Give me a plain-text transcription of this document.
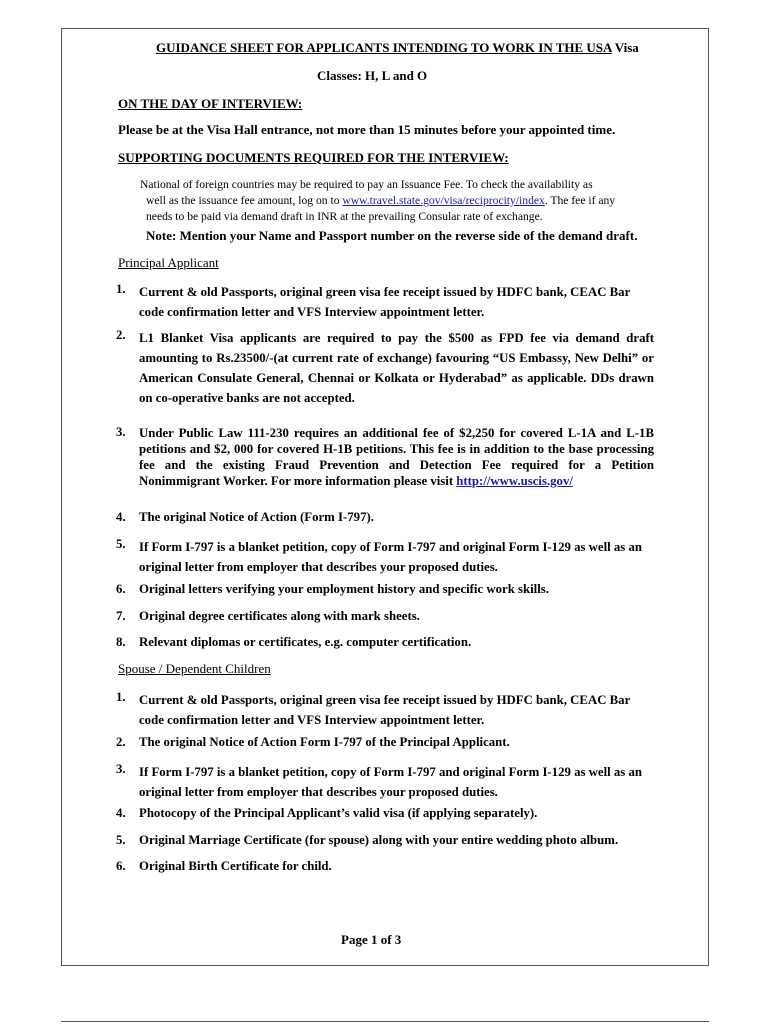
GUIDANCE SHEET FOR APPLICANTS INTENDING TO WORK IN THE USA Visa
Classes: H, L and O
ON THE DAY OF INTERVIEW:
Please be at the Visa Hall entrance, not more than 15 minutes before your appointed time.
SUPPORTING DOCUMENTS REQUIRED FOR THE INTERVIEW:
National of foreign countries may be required to pay an Issuance Fee. To check the availability as
well as the issuance fee amount, log on to www.travel.state.gov/visa/reciprocity/index. The fee if any
needs to be paid via demand draft in INR at the prevailing Consular rate of exchange.
Note: Mention your Name and Passport number on the reverse side of the demand draft.
Principal Applicant
1. Current & old Passports, original green visa fee receipt issued by HDFC bank, CEAC Bar code confirmation letter and VFS Interview appointment letter.
2. L1 Blanket Visa applicants are required to pay the $500 as FPD fee via demand draft amounting to Rs.23500/-(at current rate of exchange) favouring “US Embassy, New Delhi” or American Consulate General, Chennai or Kolkata or Hyderabad” as applicable. DDs drawn on co-operative banks are not accepted.
3. Under Public Law 111-230 requires an additional fee of $2,250 for covered L-1A and L-1B petitions and $2, 000 for covered H-1B petitions. This fee is in addition to the base processing fee and the existing Fraud Prevention and Detection Fee required for a Petition Nonimmigrant Worker. For more information please visit http://www.uscis.gov/
4. The original Notice of Action (Form I-797).
5. If Form I-797 is a blanket petition, copy of Form I-797 and original Form I-129 as well as an original letter from employer that describes your proposed duties.
6. Original letters verifying your employment history and specific work skills.
7. Original degree certificates along with mark sheets.
8. Relevant diplomas or certificates, e.g. computer certification.
Spouse / Dependent Children
1. Current & old Passports, original green visa fee receipt issued by HDFC bank, CEAC Bar code confirmation letter and VFS Interview appointment letter.
2. The original Notice of Action Form I-797 of the Principal Applicant.
3. If Form I-797 is a blanket petition, copy of Form I-797 and original Form I-129 as well as an original letter from employer that describes your proposed duties.
4. Photocopy of the Principal Applicant’s valid visa (if applying separately).
5. Original Marriage Certificate (for spouse) along with your entire wedding photo album.
6. Original Birth Certificate for child.
Page 1 of 3
